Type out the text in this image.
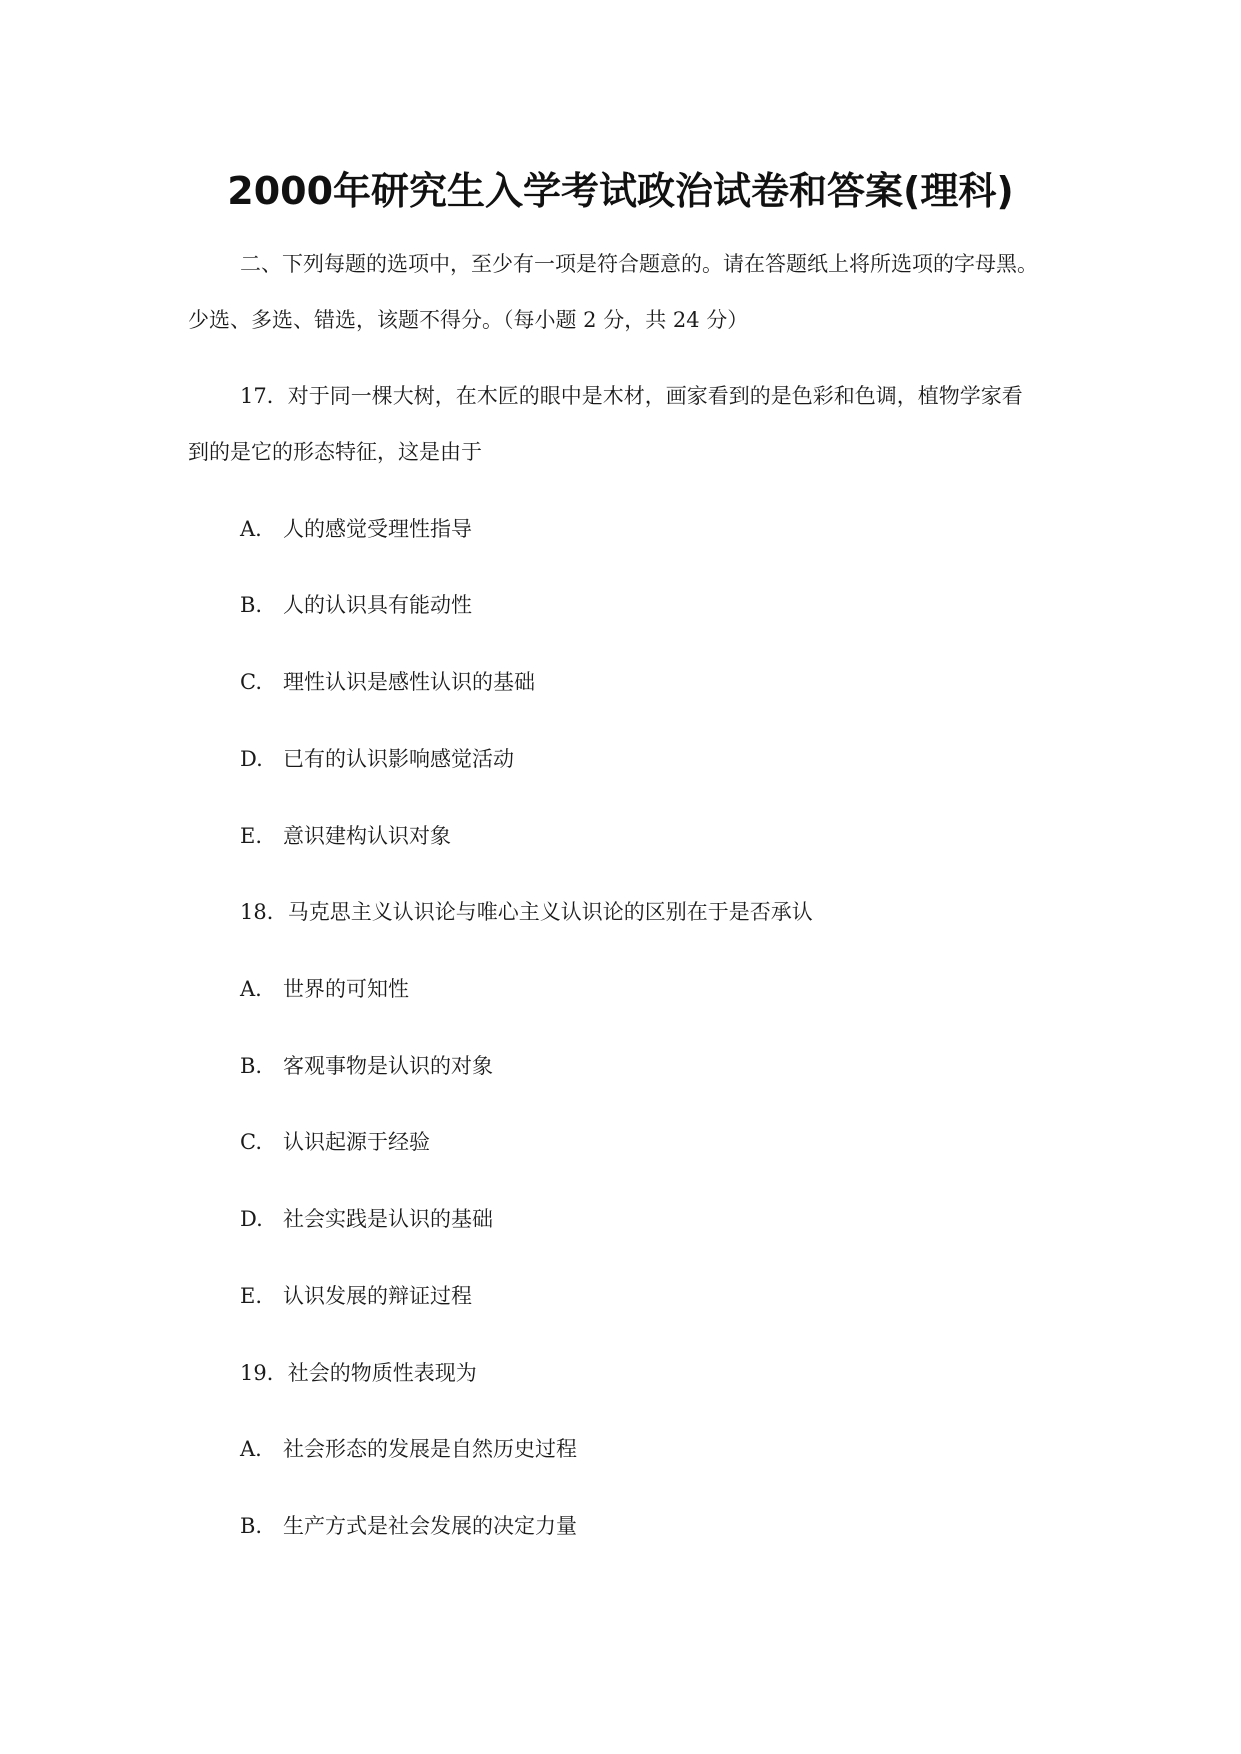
2000年研究生入学考试政治试卷和答案(理科)
二、下列每题的选项中，至少有一项是符合题意的。请在答题纸上将所选项的字母黑。
少选、多选、错选，该题不得分。（每小题 2 分，共 24 分）
17．对于同一棵大树，在木匠的眼中是木材，画家看到的是色彩和色调，植物学家看
到的是它的形态特征，这是由于
A. 人的感觉受理性指导
B. 人的认识具有能动性
C. 理性认识是感性认识的基础
D. 已有的认识影响感觉活动
E. 意识建构认识对象
18．马克思主义认识论与唯心主义认识论的区别在于是否承认
A. 世界的可知性
B. 客观事物是认识的对象
C. 认识起源于经验
D. 社会实践是认识的基础
E. 认识发展的辩证过程
19．社会的物质性表现为
A. 社会形态的发展是自然历史过程
B. 生产方式是社会发展的决定力量
